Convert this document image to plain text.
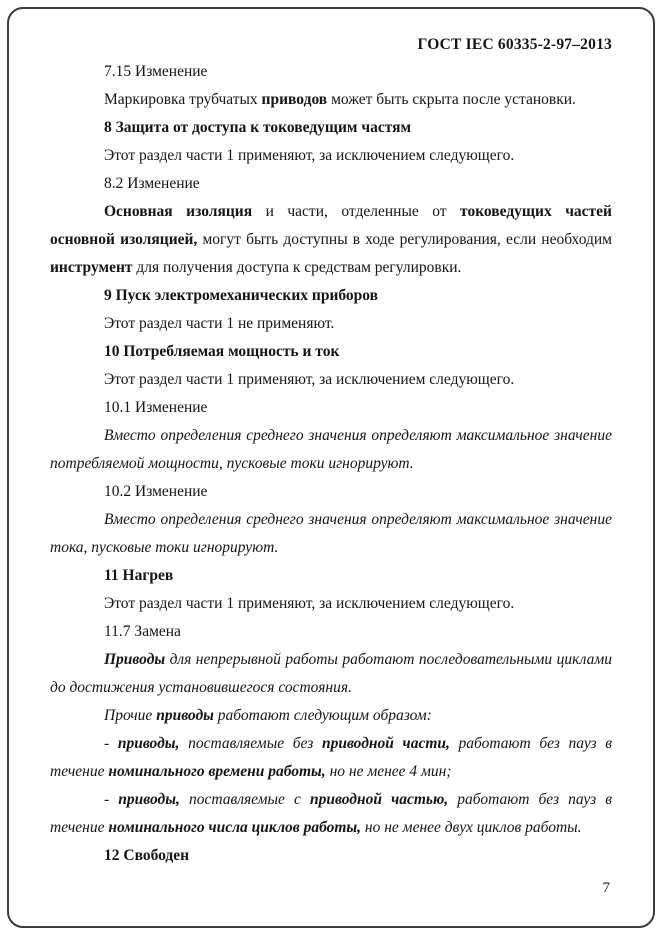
ГОСТ IEC 60335-2-97–2013

7.15 Изменение

Маркировка трубчатых приводов может быть скрыта после установки.

8 Защита от доступа к токоведущим частям

Этот раздел части 1 применяют, за исключением следующего.

8.2 Изменение

Основная изоляция и части, отделенные от токоведущих частей основной изоляцией, могут быть доступны в ходе регулирования, если необходим инструмент для получения доступа к средствам регулировки.

9 Пуск электромеханических приборов

Этот раздел части 1 не применяют.

10 Потребляемая мощность и ток

Этот раздел части 1 применяют, за исключением следующего.

10.1 Изменение

Вместо определения среднего значения определяют максимальное значение потребляемой мощности, пусковые токи игнорируют.

10.2 Изменение

Вместо определения среднего значения определяют максимальное значение тока, пусковые токи игнорируют.

11 Нагрев

Этот раздел части 1 применяют, за исключением следующего.

11.7 Замена

Приводы для непрерывной работы работают последовательными циклами до достижения установившегося состояния.

Прочие приводы работают следующим образом:

- приводы, поставляемые без приводной части, работают без пауз в течение номинального времени работы, но не менее 4 мин;

- приводы, поставляемые с приводной частью, работают без пауз в течение номинального числа циклов работы, но не менее двух циклов работы.

12 Свободен

7
